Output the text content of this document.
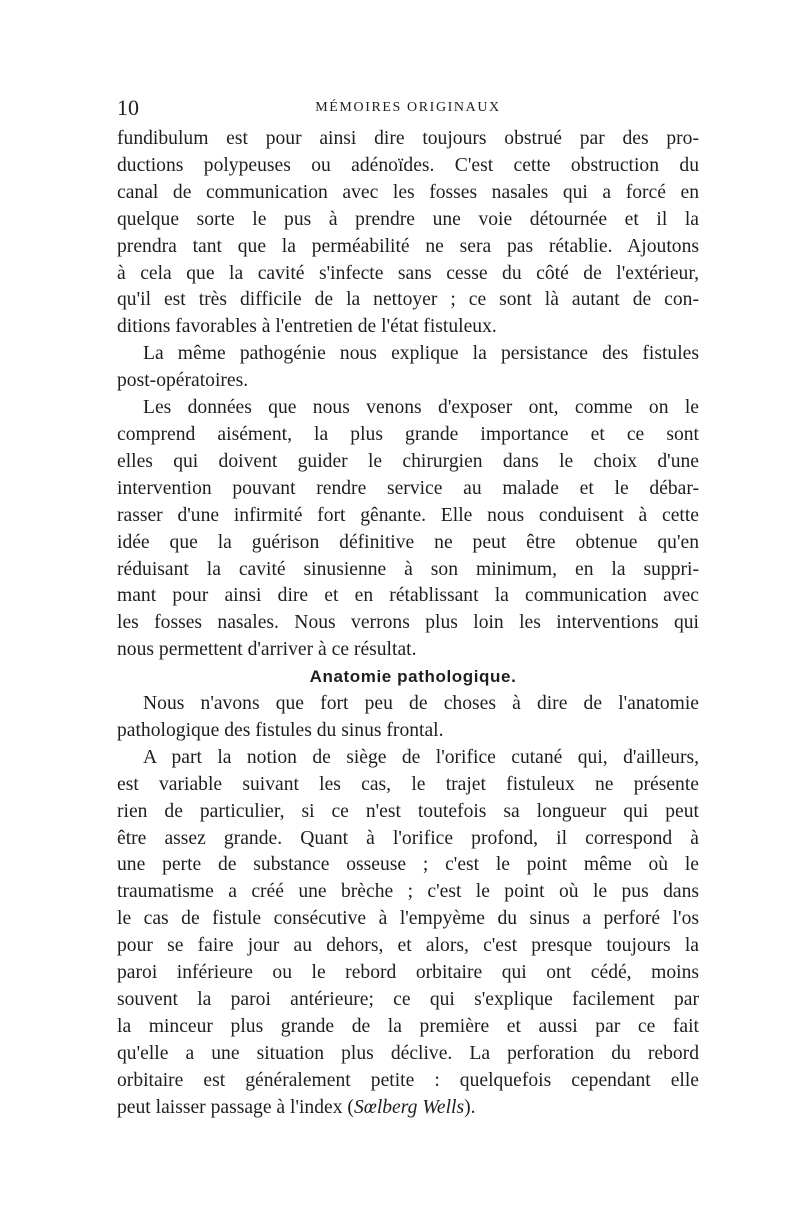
10	MÉMOIRES ORIGINAUX

fundibulum est pour ainsi dire toujours obstrué par des pro-
ductions polypeuses ou adénoïdes. C'est cette obstruction du
canal de communication avec les fosses nasales qui a forcé en
quelque sorte le pus à prendre une voie détournée et il la
prendra tant que la perméabilité ne sera pas rétablie. Ajoutons
à cela que la cavité s'infecte sans cesse du côté de l'extérieur,
qu'il est très difficile de la nettoyer ; ce sont là autant de con-
ditions favorables à l'entretien de l'état fistuleux.

La même pathogénie nous explique la persistance des fistules
post-opératoires.

Les données que nous venons d'exposer ont, comme on le
comprend aisément, la plus grande importance et ce sont
elles qui doivent guider le chirurgien dans le choix d'une
intervention pouvant rendre service au malade et le débar-
rasser d'une infirmité fort gênante. Elle nous conduisent à cette
idée que la guérison définitive ne peut être obtenue qu'en
réduisant la cavité sinusienne à son minimum, en la suppri-
mant pour ainsi dire et en rétablissant la communication avec
les fosses nasales. Nous verrons plus loin les interventions qui
nous permettent d'arriver à ce résultat.

Anatomie pathologique.

Nous n'avons que fort peu de choses à dire de l'anatomie
pathologique des fistules du sinus frontal.

A part la notion de siège de l'orifice cutané qui, d'ailleurs,
est variable suivant les cas, le trajet fistuleux ne présente
rien de particulier, si ce n'est toutefois sa longueur qui peut
être assez grande. Quant à l'orifice profond, il correspond à
une perte de substance osseuse ; c'est le point même où le
traumatisme a créé une brèche ; c'est le point où le pus dans
le cas de fistule consécutive à l'empyème du sinus a perforé l'os
pour se faire jour au dehors, et alors, c'est presque toujours la
paroi inférieure ou le rebord orbitaire qui ont cédé, moins
souvent la paroi antérieure; ce qui s'explique facilement par
la minceur plus grande de la première et aussi par ce fait
qu'elle a une situation plus déclive. La perforation du rebord
orbitaire est généralement petite : quelquefois cependant elle
peut laisser passage à l'index (Sœlberg Wells).
